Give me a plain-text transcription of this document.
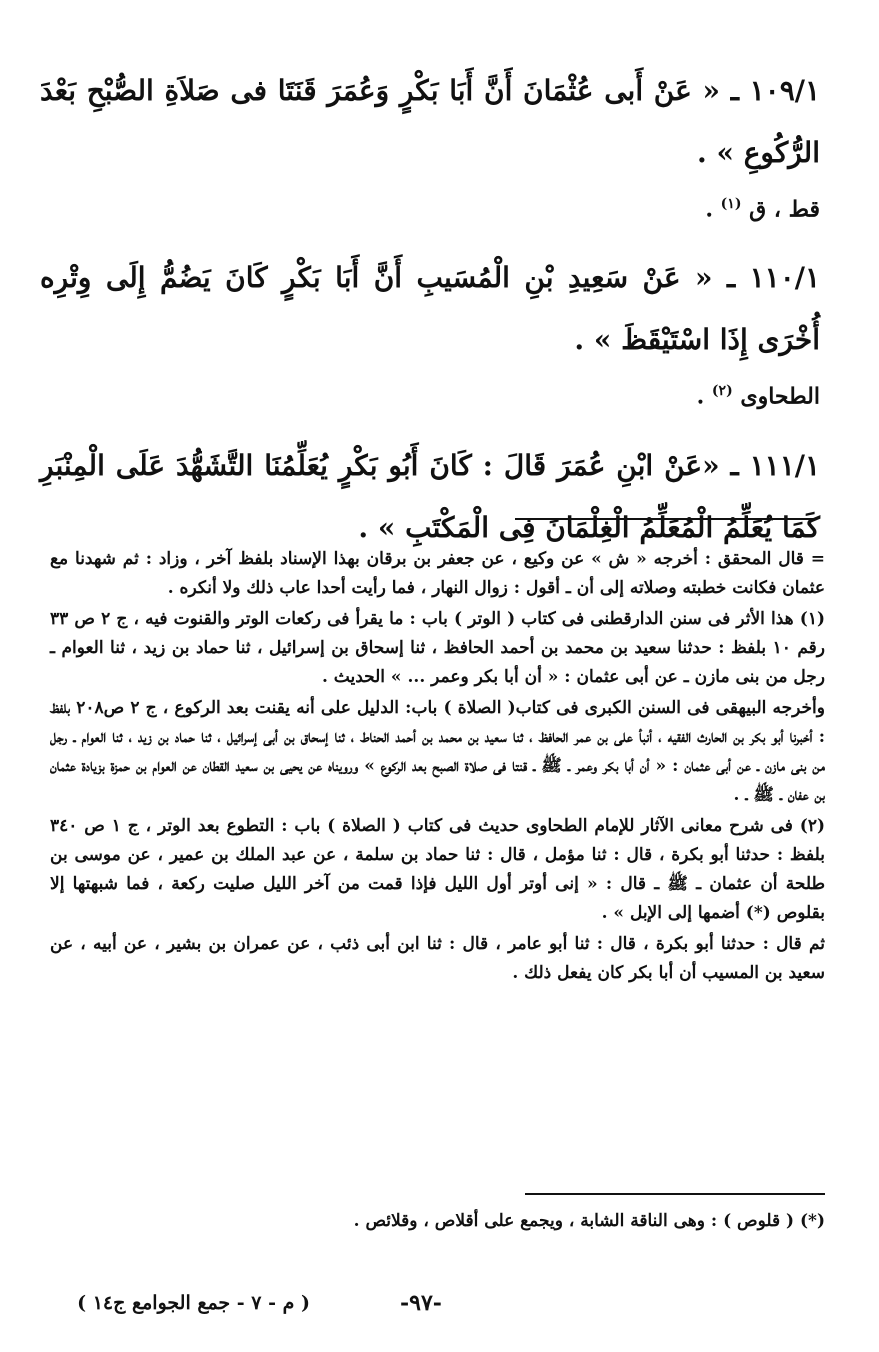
١٠٩/١ ـ « عَنْ أَبى عُثْمَانَ أَنَّ أَبَا بَكْرٍ وَعُمَرَ قَنَتَا فى صَلاَةِ الصُّبْحِ بَعْدَ الرُّكُوعِ » .

قط ، ق $^{(١)}$ .

١١٠/١ ـ « عَنْ سَعِيدِ بْنِ الْمُسَيبِ أَنَّ أَبَا بَكْرٍ كَانَ يَضُمُّ إِلَى وِتْرِه أُخْرَى إِذَا اسْتَيْقَظَ » .

الطحاوى $^{(٢)}$ .

١١١/١ ـ «عَنْ ابْنِ عُمَرَ قَالَ : كَانَ أَبُو بَكْرٍ يُعَلِّمُنَا التَّشَهُّدَ عَلَى الْمِنْبَرِ كَمَا يُعَلِّمُ الْمُعَلِّمُ الْغِلْمَانَ فِى الْمَكْتَبِ » .

= قال المحقق : أخرجه « ش » عن وكيع ، عن جعفر بن برقان بهذا الإسناد بلفظ آخر ، وزاد : ثم شهدنا مع عثمان فكانت خطبته وصلاته إلى أن ـ أقول : زوال النهار ، فما رأيت أحدا عاب ذلك ولا أنكره .

(١) هذا الأثر فى سنن الدارقطنى فى كتاب ( الوتر ) باب : ما يقرأ فى ركعات الوتر والقنوت فيه ، ج ٢ ص ٣٣ رقم ١٠ بلفظ : حدثنا سعيد بن محمد بن أحمد الحافظ ، ثنا إسحاق بن إسرائيل ، ثنا حماد بن زيد ، ثنا العوام ـ رجل من بنى مازن ـ عن أبى عثمان : « أن أبا بكر وعمر ... » الحديث .

وأخرجه البيهقى فى السنن الكبرى فى كتاب( الصلاة ) باب: الدليل على أنه يقنت بعد الركوع ، ج ٢ ص٢٠٨ بلفظ : أخبرنا أبو بكر بن الحارث الفقيه ، أنبأ على بن عمر الحافظ ، ثنا سعيد بن محمد بن أحمد الحناط ، ثنا إسحاق بن أبى إسرائيل ، ثنا حماد بن زيد ، ثنا العوام ـ رجل من بنى مازن ـ عن أبى عثمان : « أن أبا بكر وعمر ـ ﷺ ـ قنتا فى صلاة الصبح بعد الركوع » ورويناه عن يحيى بن سعيد القطان عن العوام بن حمزة بزيادة عثمان بن عفان ـ ﷺ ـ .

(٢) فى شرح معانى الآثار للإمام الطحاوى حديث فى كتاب ( الصلاة ) باب : التطوع بعد الوتر ، ج ١ ص ٣٤٠ بلفظ : حدثنا أبو بكرة ، قال : ثنا مؤمل ، قال : ثنا حماد بن سلمة ، عن عبد الملك بن عمير ، عن موسى بن طلحة أن عثمان ـ ﷺ ـ قال : « إنى أوتر أول الليل فإذا قمت من آخر الليل صليت ركعة ، فما شبهتها إلا بقلوص (*) أضمها إلى الإبل » .

ثم قال : حدثنا أبو بكرة ، قال : ثنا أبو عامر ، قال : ثنا ابن أبى ذئب ، عن عمران بن بشير ، عن أبيه ، عن سعيد بن المسيب أن أبا بكر كان يفعل ذلك .

(*) ( قلوص ) : وهى الناقة الشابة ، ويجمع على أقلاص ، وقلائص .
-٩٧-
( م - ٧ - جمع الجوامع ج١٤ )
